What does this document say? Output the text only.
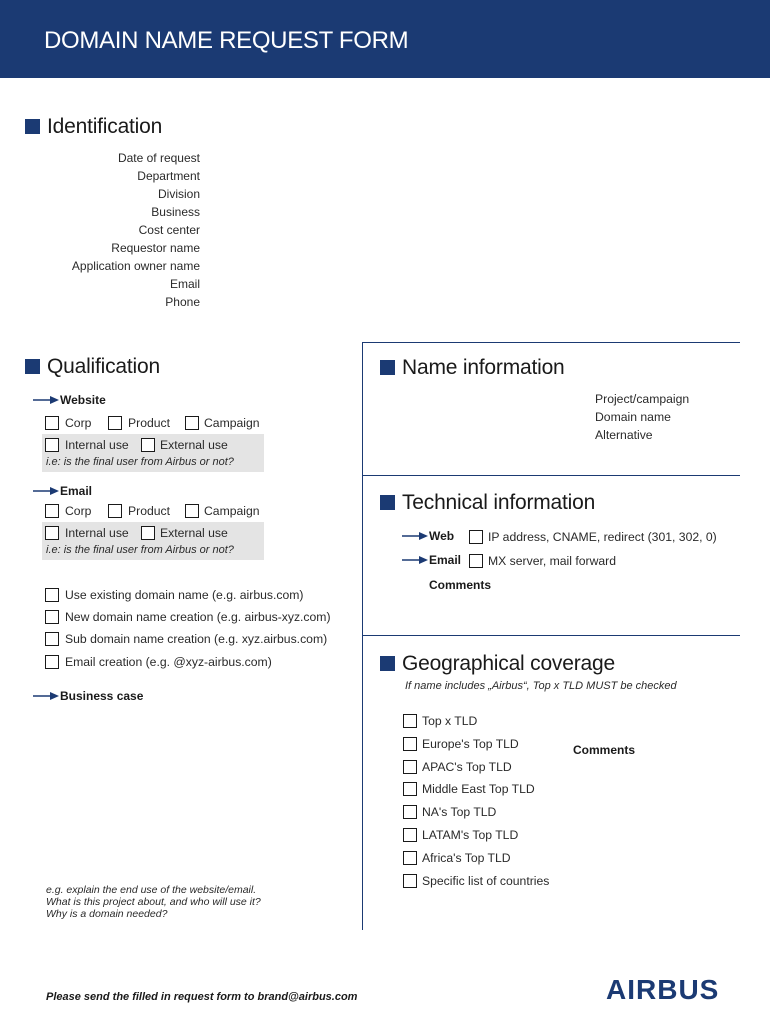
DOMAIN NAME REQUEST FORM
Identification
Date of request
Department
Division
Business
Cost center
Requestor name
Application owner name
Email
Phone
Qualification
Website
Corp	Product	Campaign
Internal use	External use
i.e: is the final user from Airbus or not?
Email
Corp	Product	Campaign
Internal use	External use
i.e: is the final user from Airbus or not?
Use existing domain name (e.g. airbus.com)
New domain name creation (e.g. airbus-xyz.com)
Sub domain name creation (e.g. xyz.airbus.com)
Email creation (e.g. @xyz-airbus.com)
Business case
e.g. explain the end use of the website/email.
What is this project about, and who will use it?
Why is a domain needed?
Name information
Project/campaign
Domain name
Alternative
Technical information
Web	IP address, CNAME, redirect (301, 302, 0)
Email MX server, mail forward
Comments
Geographical coverage
If name includes „Airbus“, Top x TLD MUST be checked
Top x TLD
Europe's Top TLD
APAC's Top TLD
Middle East Top TLD
NA's Top TLD
LATAM's Top TLD
Africa's Top TLD
Specific list of countries
Comments
Please send the filled in request form to brand@airbus.com	AIRBUS
